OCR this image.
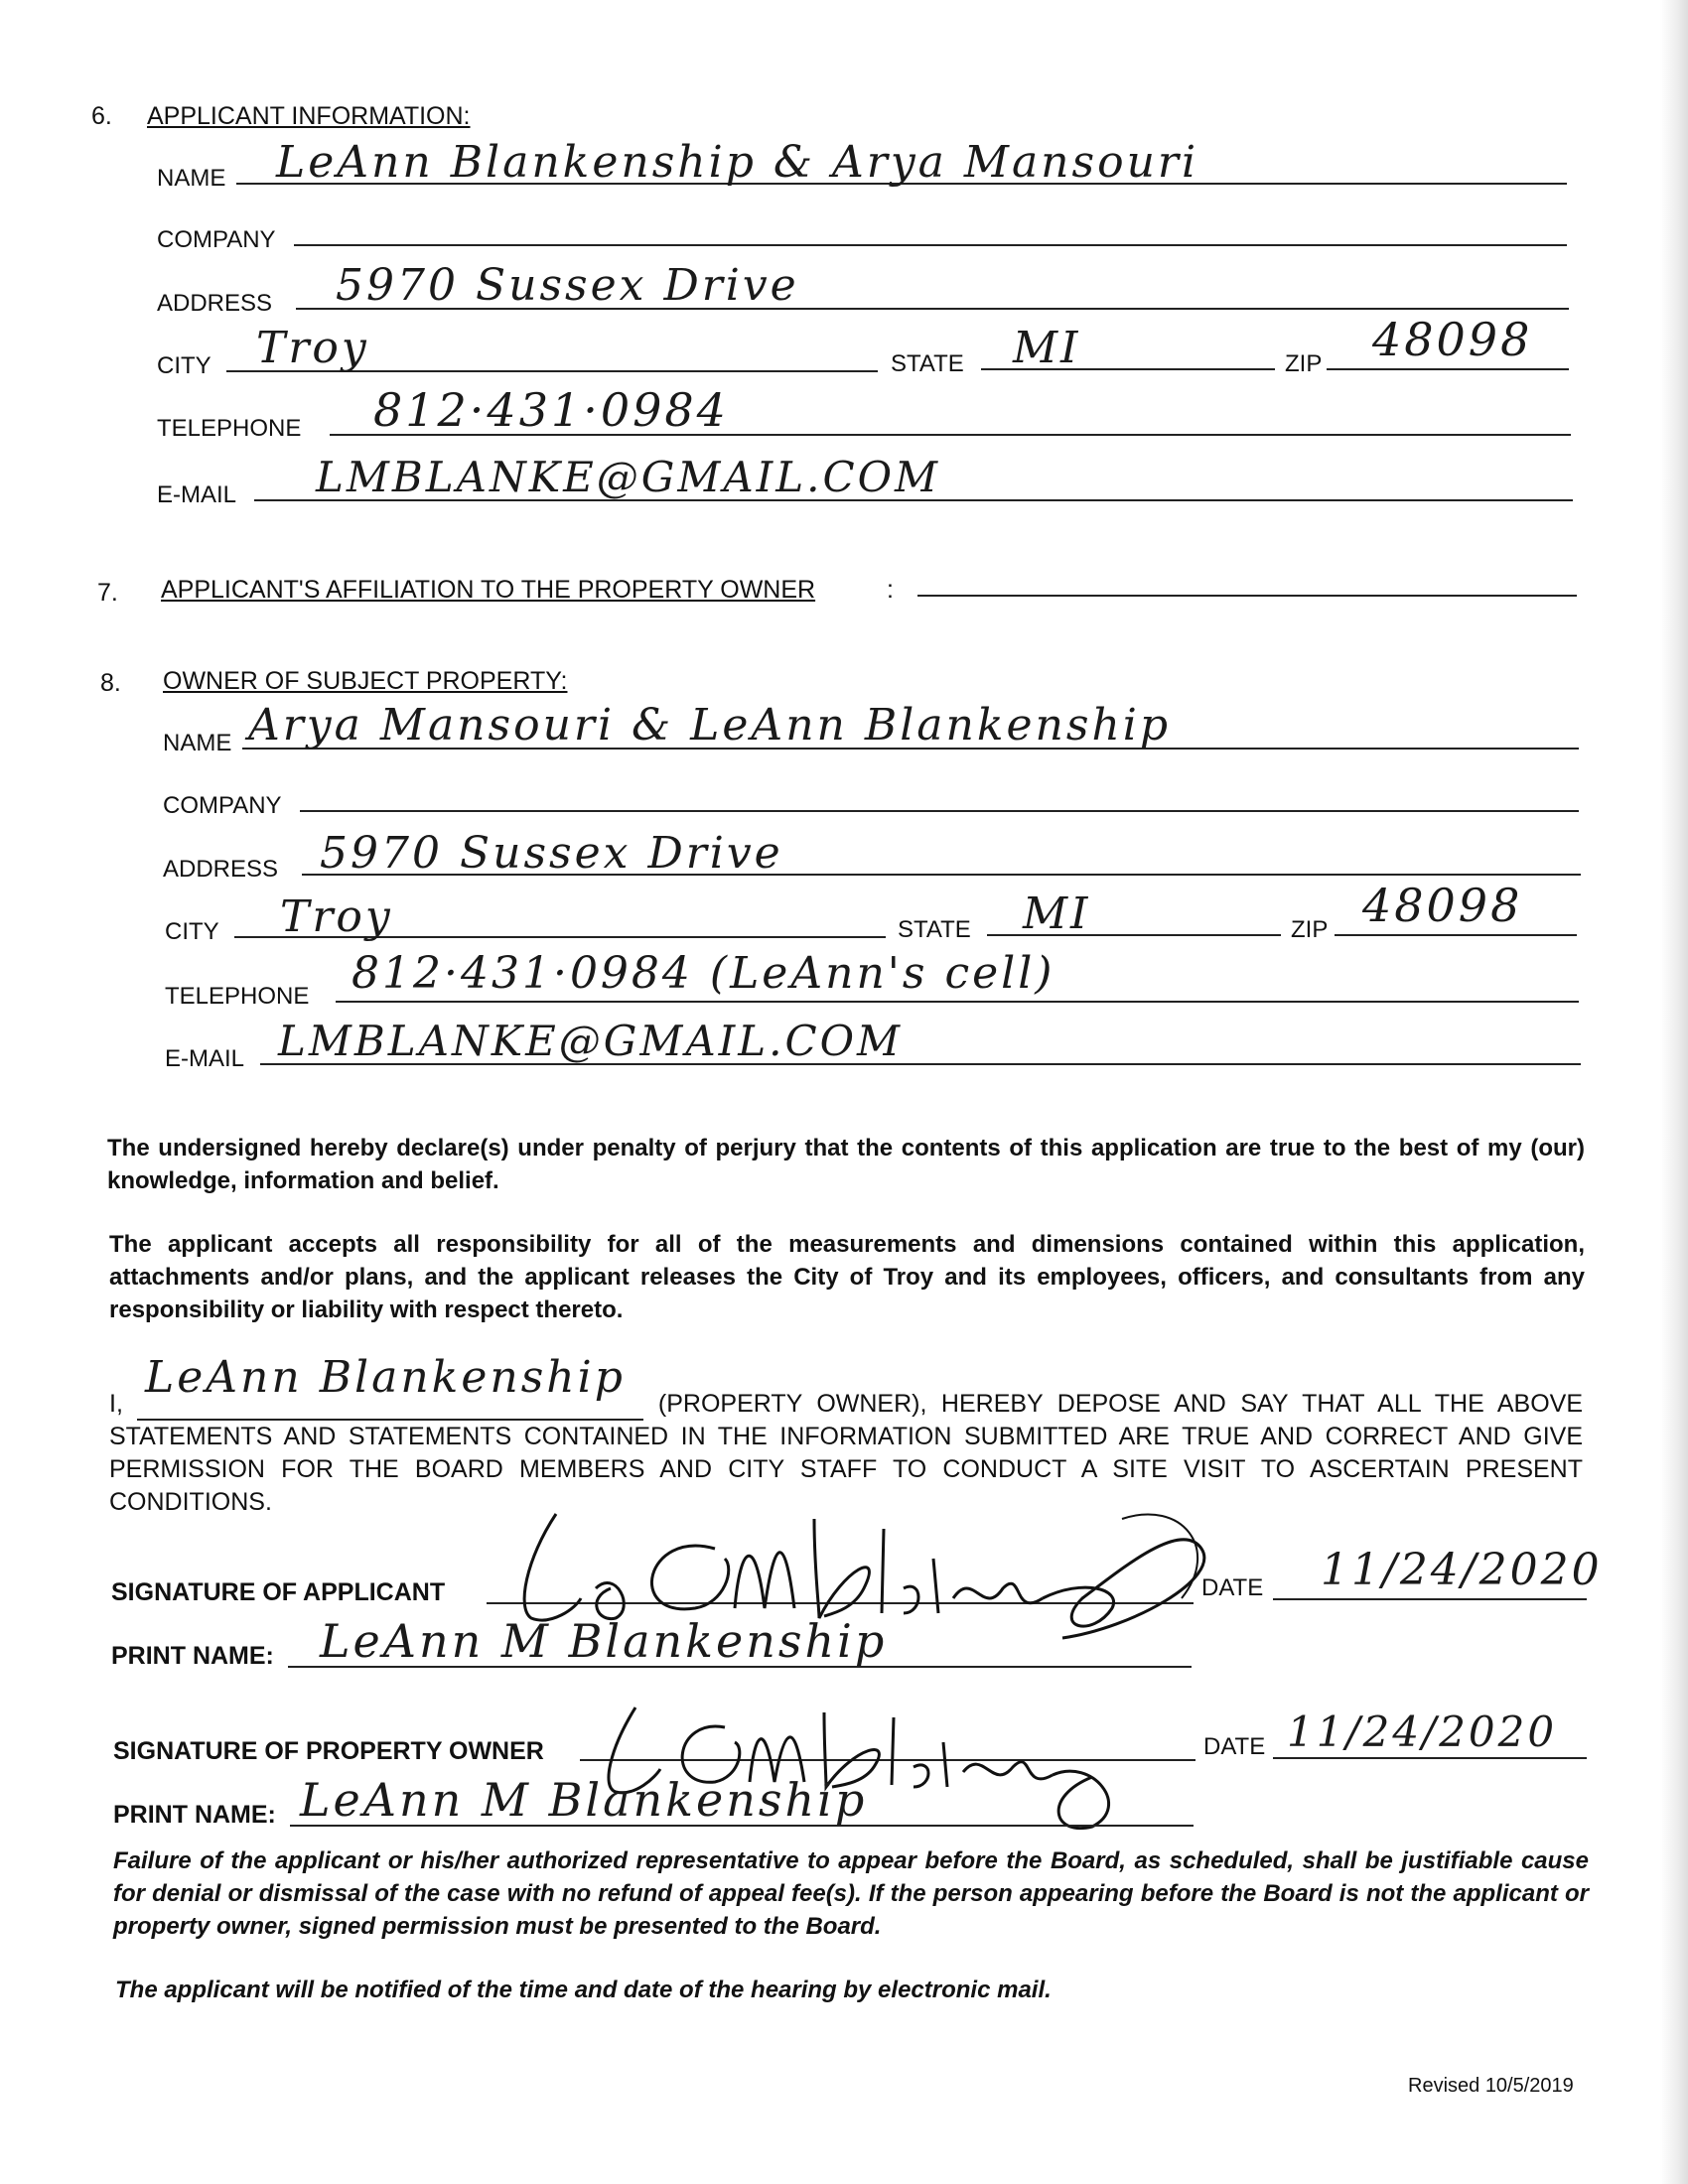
6. APPLICANT INFORMATION:
NAME LeAnn Blankenship & Arya Mansouri
COMPANY
ADDRESS 5970 Sussex Drive
CITY Troy	STATE MI	ZIP 48098
TELEPHONE 812·431·0984
E-MAIL LMBLANKE@GMAIL.COM
7. APPLICANT'S AFFILIATION TO THE PROPERTY OWNER	:
8. OWNER OF SUBJECT PROPERTY:
NAME Arya Mansouri & LeAnn Blankenship
COMPANY
ADDRESS 5970 Sussex Drive
CITY Troy	STATE MI	ZIP 48098
TELEPHONE 812·431·0984 (LeAnn's cell)
E-MAIL LMBLANKE@GMAIL.COM
The undersigned hereby declare(s) under penalty of perjury that the contents of this application are true to the best of my (our) knowledge, information and belief.
The applicant accepts all responsibility for all of the measurements and dimensions contained within this application, attachments and/or plans, and the applicant releases the City of Troy and its employees, officers, and consultants from any responsibility or liability with respect thereto.
I,	(PROPERTY OWNER), HEREBY DEPOSE AND SAY THAT ALL THE ABOVE STATEMENTS AND STATEMENTS CONTAINED IN THE INFORMATION SUBMITTED ARE TRUE AND CORRECT AND GIVE PERMISSION FOR THE BOARD MEMBERS AND CITY STAFF TO CONDUCT A SITE VISIT TO ASCERTAIN PRESENT CONDITIONS.
LeAnn Blankenship
SIGNATURE OF APPLICANT	DATE 11/24/2020
PRINT NAME: LeAnn M Blankenship
SIGNATURE OF PROPERTY OWNER	DATE 11/24/2020
PRINT NAME: LeAnn M Blankenship
Failure of the applicant or his/her authorized representative to appear before the Board, as scheduled, shall be justifiable cause for denial or dismissal of the case with no refund of appeal fee(s). If the person appearing before the Board is not the applicant or property owner, signed permission must be presented to the Board.
The applicant will be notified of the time and date of the hearing by electronic mail.
Revised 10/5/2019
